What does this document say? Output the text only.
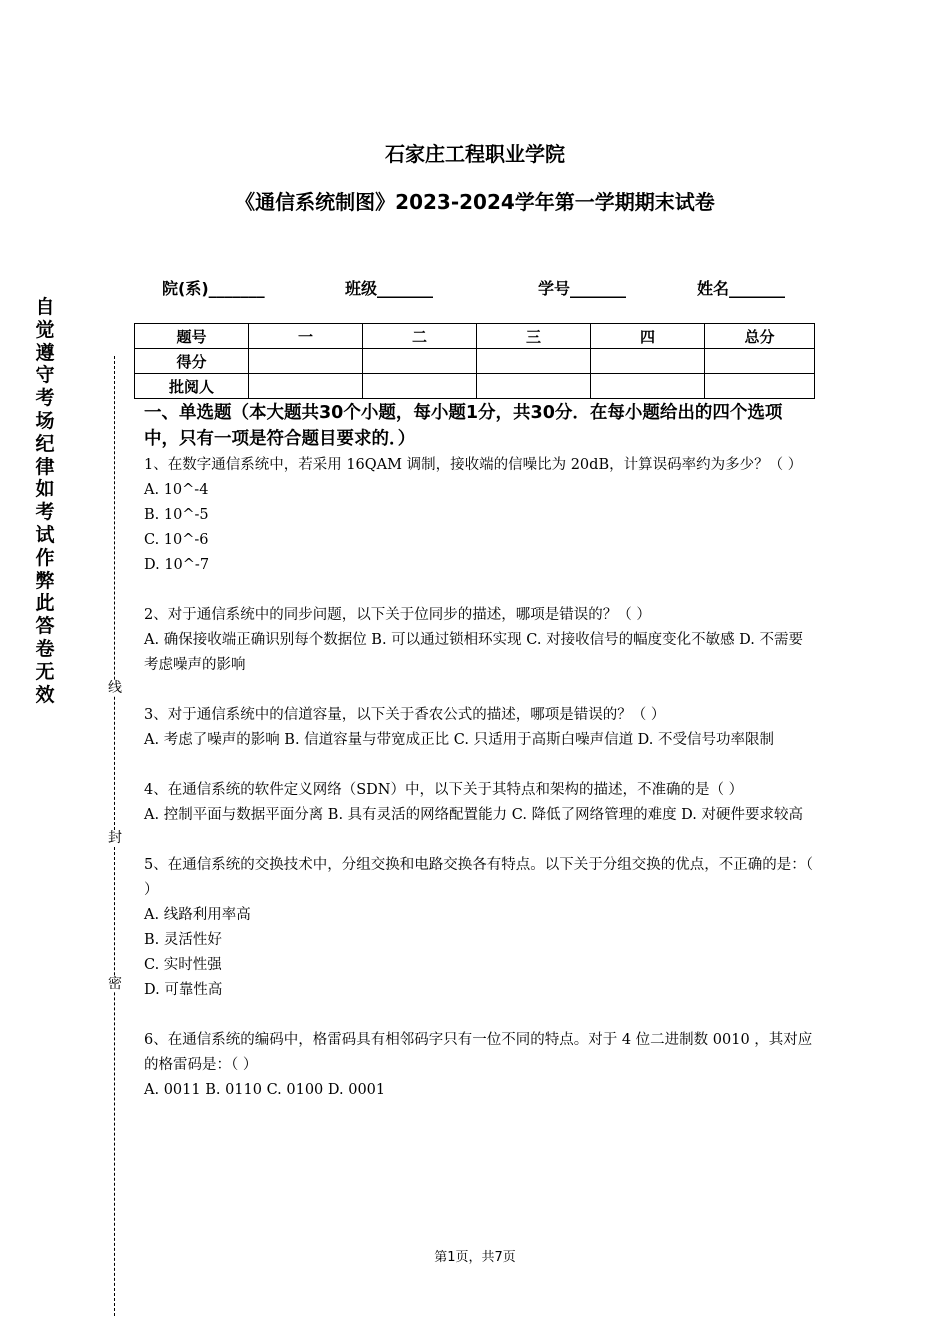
自
觉
遵
守
考
场
纪
律
如
考
试
作
弊
此
答
卷
无
效	线
封
密
石家庄工程职业学院
《通信系统制图》2023-2024学年第一学期期末试卷
院(系)_______	班级_______	学号_______	姓名_______
题号	一	二	三	四	总分
得分					
批阅人					
一、单选题（本大题共30个小题，每小题1分，共30分．在每小题给出的四个选项中，只有一项是符合题目要求的．）
1、在数字通信系统中，若采用 16QAM 调制，接收端的信噪比为 20dB，计算误码率约为多少？（ ）
A. 10^-4
B. 10^-5
C. 10^-6
D. 10^-7
2、对于通信系统中的同步问题，以下关于位同步的描述，哪项是错误的？（ ）
A. 确保接收端正确识别每个数据位 B. 可以通过锁相环实现 C. 对接收信号的幅度变化不敏感 D. 不需要考虑噪声的影响
3、对于通信系统中的信道容量，以下关于香农公式的描述，哪项是错误的？（ ）
A. 考虑了噪声的影响 B. 信道容量与带宽成正比 C. 只适用于高斯白噪声信道 D. 不受信号功率限制
4、在通信系统的软件定义网络（SDN）中，以下关于其特点和架构的描述，不准确的是（ ）
A. 控制平面与数据平面分离 B. 具有灵活的网络配置能力 C. 降低了网络管理的难度 D. 对硬件要求较高
5、在通信系统的交换技术中，分组交换和电路交换各有特点。以下关于分组交换的优点，不正确的是：（ ）
A. 线路利用率高
B. 灵活性好
C. 实时性强
D. 可靠性高
6、在通信系统的编码中，格雷码具有相邻码字只有一位不同的特点。对于 4 位二进制数 0010 ，其对应的格雷码是：（ ）
A. 0011 B. 0110 C. 0100 D. 0001
第1页，共7页
